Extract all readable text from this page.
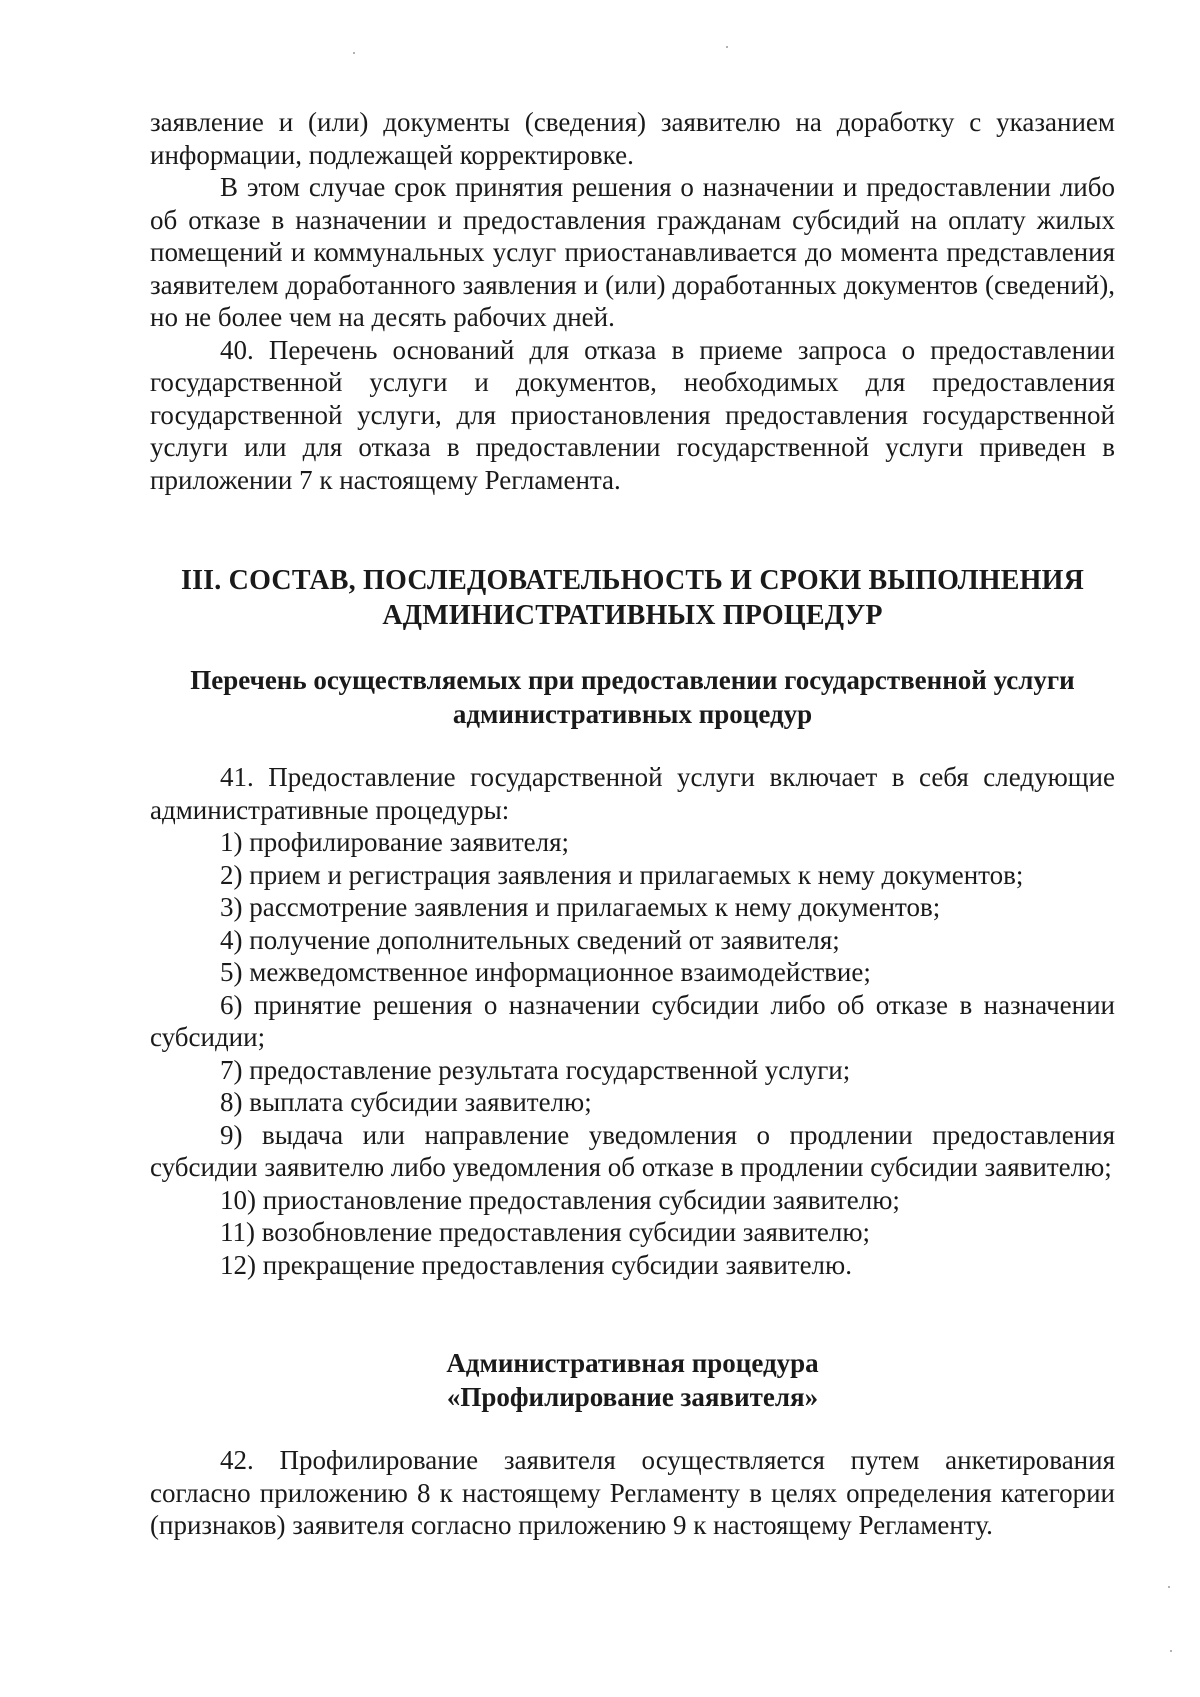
заявление и (или) документы (сведения) заявителю на доработку с указанием информации, подлежащей корректировке.

В этом случае срок принятия решения о назначении и предоставлении либо об отказе в назначении и предоставления гражданам субсидий на оплату жилых помещений и коммунальных услуг приостанавливается до момента представления заявителем доработанного заявления и (или) доработанных документов (сведений), но не более чем на десять рабочих дней.

40. Перечень оснований для отказа в приеме запроса о предоставлении государственной услуги и документов, необходимых для предоставления государственной услуги, для приостановления предоставления государственной услуги или для отказа в предоставлении государственной услуги приведен в приложении 7 к настоящему Регламента.

III. СОСТАВ, ПОСЛЕДОВАТЕЛЬНОСТЬ И СРОКИ ВЫПОЛНЕНИЯ

АДМИНИСТРАТИВНЫХ ПРОЦЕДУР

Перечень осуществляемых при предоставлении государственной услуги

административных процедур

41. Предоставление государственной услуги включает в себя следующие административные процедуры:

1) профилирование заявителя;

2) прием и регистрация заявления и прилагаемых к нему документов;

3) рассмотрение заявления и прилагаемых к нему документов;

4) получение дополнительных сведений от заявителя;

5) межведомственное информационное взаимодействие;

6) принятие решения о назначении субсидии либо об отказе в назначении субсидии;

7) предоставление результата государственной услуги;

8) выплата субсидии заявителю;

9) выдача или направление уведомления о продлении предоставления субсидии заявителю либо уведомления об отказе в продлении субсидии заявителю;

10) приостановление предоставления субсидии заявителю;

11) возобновление предоставления субсидии заявителю;

12) прекращение предоставления субсидии заявителю.

Административная процедура

«Профилирование заявителя»

42. Профилирование заявителя осуществляется путем анкетирования согласно приложению 8 к настоящему Регламенту в целях определения категории (признаков) заявителя согласно приложению 9 к настоящему Регламенту.
